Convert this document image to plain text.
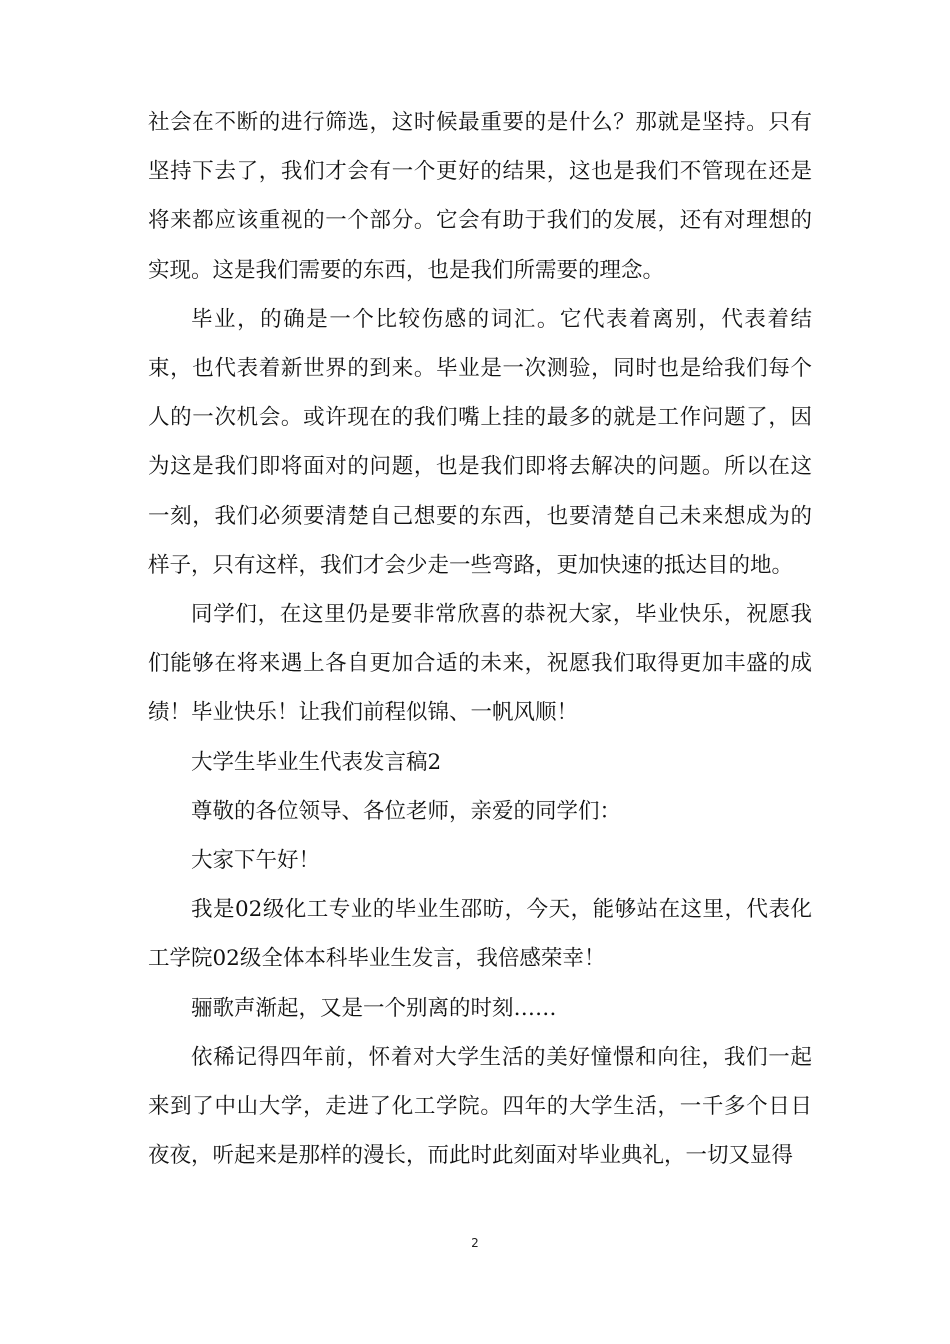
社会在不断的进行筛选，这时候最重要的是什么？那就是坚持。只有坚持下去了，我们才会有一个更好的结果，这也是我们不管现在还是将来都应该重视的一个部分。它会有助于我们的发展，还有对理想的实现。这是我们需要的东西，也是我们所需要的理念。

毕业，的确是一个比较伤感的词汇。它代表着离别，代表着结束，也代表着新世界的到来。毕业是一次测验，同时也是给我们每个人的一次机会。或许现在的我们嘴上挂的最多的就是工作问题了，因为这是我们即将面对的问题，也是我们即将去解决的问题。所以在这一刻，我们必须要清楚自己想要的东西，也要清楚自己未来想成为的样子，只有这样，我们才会少走一些弯路，更加快速的抵达目的地。

同学们，在这里仍是要非常欣喜的恭祝大家，毕业快乐，祝愿我们能够在将来遇上各自更加合适的未来，祝愿我们取得更加丰盛的成绩！毕业快乐！让我们前程似锦、一帆风顺！

大学生毕业生代表发言稿2

尊敬的各位领导、各位老师，亲爱的同学们：

大家下午好！

我是02级化工专业的毕业生邵昉，今天，能够站在这里，代表化工学院02级全体本科毕业生发言，我倍感荣幸！

骊歌声渐起，又是一个别离的时刻……

依稀记得四年前，怀着对大学生活的美好憧憬和向往，我们一起来到了中山大学，走进了化工学院。四年的大学生活，一千多个日日夜夜，听起来是那样的漫长，而此时此刻面对毕业典礼，一切又显得

2
